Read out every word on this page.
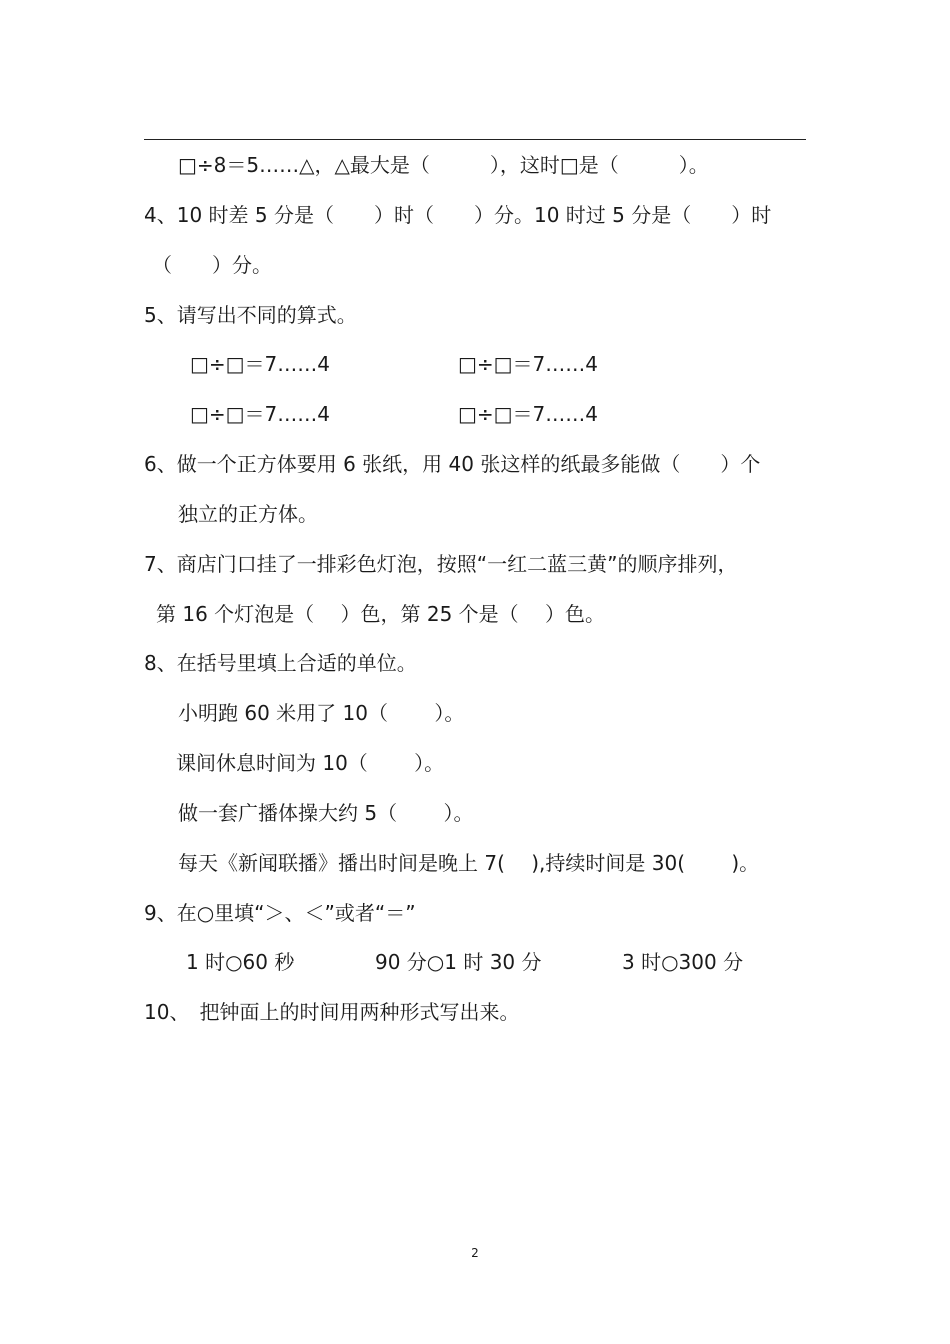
□÷8＝5……△，△最大是（　　　），这时□是（　　　）。
4、10 时差 5 分是（　　）时（　　）分。10 时过 5 分是（　　）时
（　　）分。
5、请写出不同的算式。
□÷□＝7……4	□÷□＝7……4
□÷□＝7……4	□÷□＝7……4
6、做一个正方体要用 6 张纸，用 40 张这样的纸最多能做（　　）个
独立的正方体。
7、商店门口挂了一排彩色灯泡，按照“一红二蓝三黄”的顺序排列，
第 16 个灯泡是（　 ）色，第 25 个是（　 ）色。
8、在括号里填上合适的单位。
小明跑 60 米用了 10（　　 ）。
课间休息时间为 10（　　 ）。
做一套广播体操大约 5（　　 ）。
每天《新闻联播》播出时间是晚上 7(　 ),持续时间是 30(　　 )。
9、在○里填“＞、＜”或者“＝”
1 时○60 秒	90 分○1 时 30 分	3 时○300 分
10、　把钟面上的时间用两种形式写出来。
2
